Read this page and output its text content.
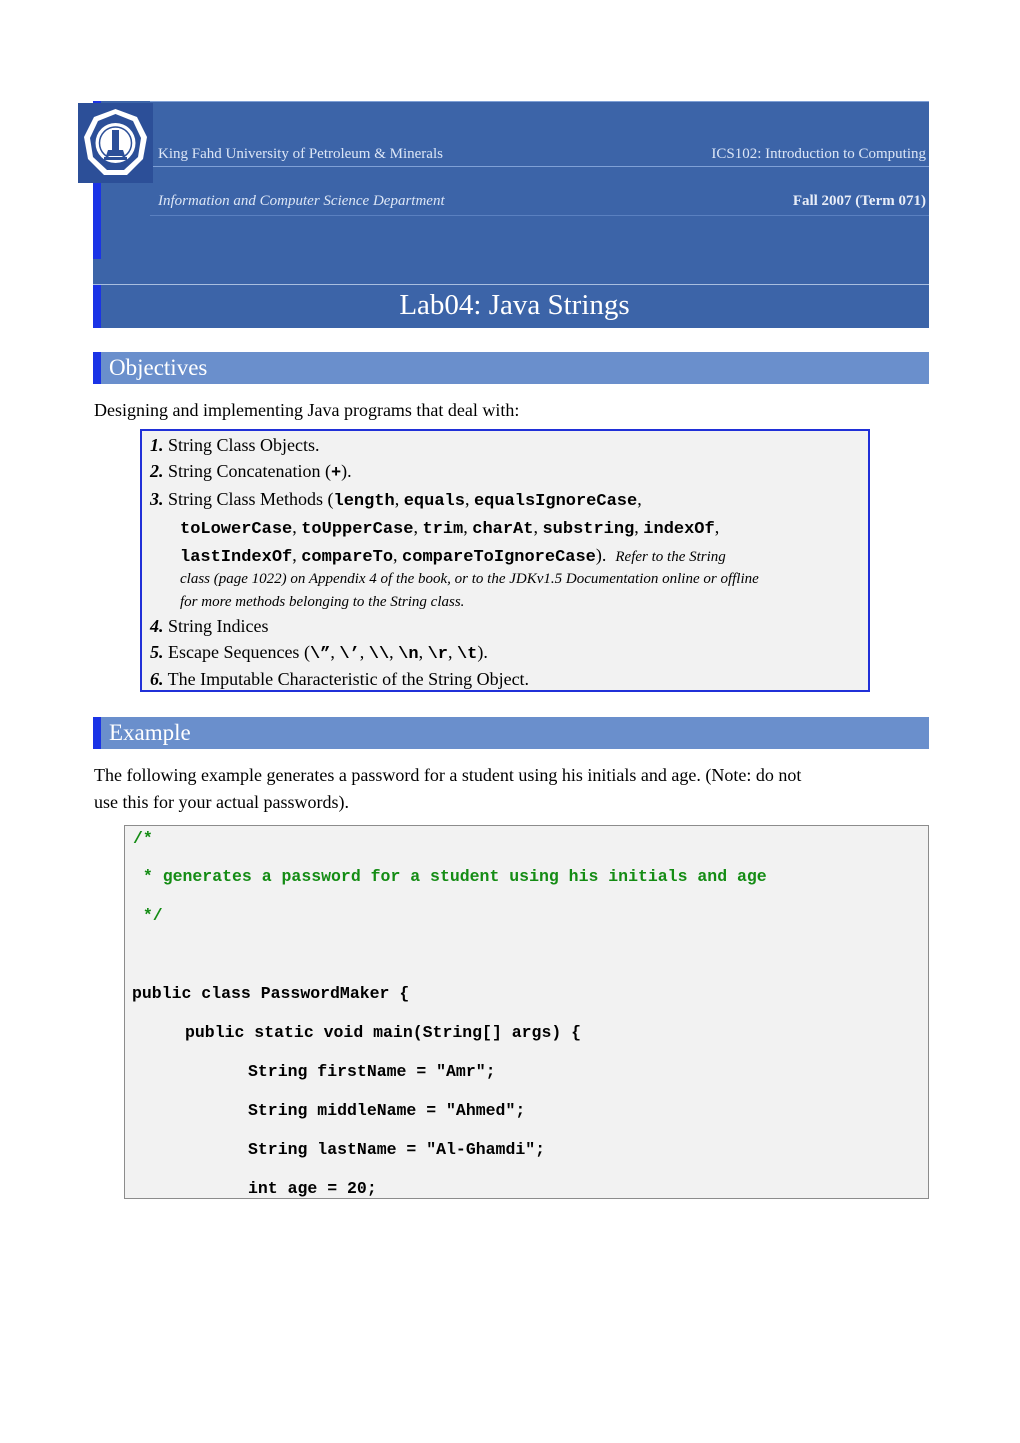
King Fahd University of Petroleum & Minerals	ICS102: Introduction to Computing
Information and Computer Science Department	Fall 2007 (Term 071)
Lab04: Java Strings
Objectives
Designing and implementing Java programs that deal with:
1. String Class Objects.
2. String Concatenation (+).
3. String Class Methods (length, equals, equalsIgnoreCase,
toLowerCase, toUpperCase, trim, charAt, substring, indexOf,
lastIndexOf, compareTo, compareToIgnoreCase).  Refer to the String
class (page 1022) on Appendix 4 of the book, or to the JDKv1.5 Documentation online or offline
for more methods belonging to the String class.
4. String Indices
5. Escape Sequences (\”, \’, \\, \n, \r, \t).
6. The Imputable Characteristic of the String Object.
Example
The following example generates a password for a student using his initials and age. (Note: do not
use this for your actual passwords).
/*
* generates a password for a student using his initials and age
*/
public class PasswordMaker {
public static void main(String[] args) {
String firstName = "Amr";
String middleName = "Ahmed";
String lastName = "Al-Ghamdi";
int age = 20;
